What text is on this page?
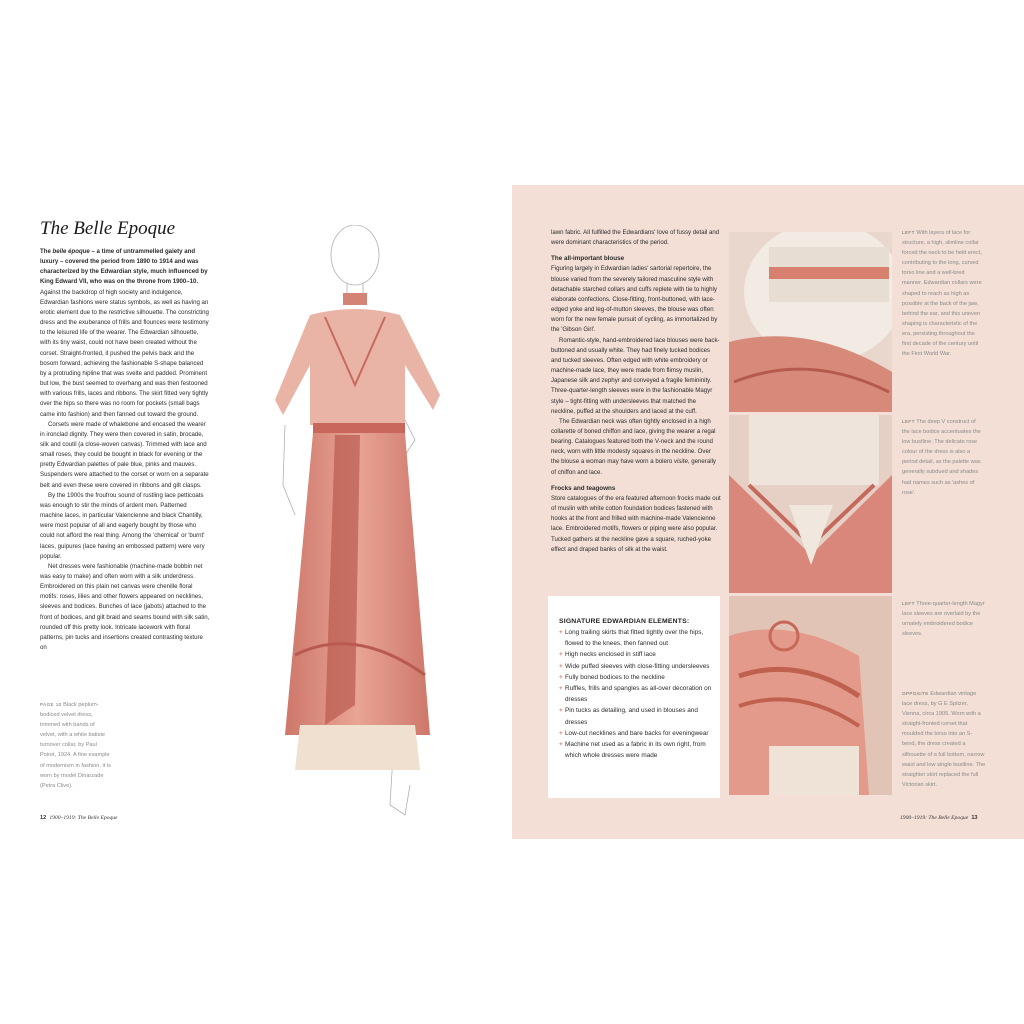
The Belle Epoque

The belle époque – a time of untrammelled gaiety and luxury – covered the period from 1890 to 1914 and was characterized by the Edwardian style, much influenced by King Edward VII, who was on the throne from 1900–10. Against the backdrop of high society and indulgence, Edwardian fashions were status symbols, as well as having an erotic element due to the restrictive silhouette. The constricting dress and the exuberance of frills and flounces were testimony to the leisured life of the wearer. The Edwardian silhouette, with its tiny waist, could not have been created without the corset. Straight-fronted, it pushed the pelvis back and the bosom forward, achieving the fashionable S-shape balanced by a protruding hipline that was svelte and padded. Prominent but low, the bust seemed to overhang and was then festooned with various frills, laces and ribbons. The skirt fitted very tightly over the hips so there was no room for pockets (small bags came into fashion) and then fanned out toward the ground.

Corsets were made of whalebone and encased the wearer in ironclad dignity. They were then covered in satin, brocade, silk and coutil (a close-woven canvas). Trimmed with lace and small roses, they could be bought in black for evening or the pretty Edwardian palettes of pale blue, pinks and mauves. Suspenders were attached to the corset or worn on a separate belt and even these were covered in ribbons and gilt clasps.

By the 1900s the froufrou sound of rustling lace petticoats was enough to stir the minds of ardent men. Patterned machine laces, in particular Valencienne and black Chantilly, were most popular of all and eagerly bought by those who could not afford the real thing. Among the 'chemical' or 'burnt' laces, guipures (lace having an embossed pattern) were very popular.

Net dresses were fashionable (machine-made bobbin net was easy to make) and often worn with a silk underdress. Embroidered on this plain net canvas were chenille floral motifs: roses, lilies and other flowers appeared on necklines, sleeves and bodices. Bunches of lace (jabots) attached to the front of bodices, and gilt braid and seams bound with silk satin, rounded off this pretty look. Intricate lacework with floral patterns, pin tucks and insertions created contrasting texture on

PAGE 10 Black peplum-bodiced velvet dress, trimmed with bands of velvet, with a white batiste turnover collar, by Paul Poiret, 1924. A fine example of modernism in fashion, it is worn by model Dinarzade (Petra Clive).

12 1900–1919: The Belle Epoque

lawn fabric. All fulfilled the Edwardians' love of fussy detail and were dominant characteristics of the period.

The all-important blouse

Figuring largely in Edwardian ladies' sartorial repertoire, the blouse varied from the severely tailored masculine style with detachable starched collars and cuffs replete with tie to highly elaborate confections. Close-fitting, front-buttoned, with lace-edged yoke and leg-of-mutton sleeves, the blouse was often worn for the new female pursuit of cycling, as immortalized by the 'Gibson Girl'.

Romantic-style, hand-embroidered lace blouses were back-buttoned and usually white. They had finely tucked bodices and tucked sleeves. Often edged with white embroidery or machine-made lace, they were made from flimsy muslin, Japanese silk and zephyr and conveyed a fragile femininity. Three-quarter-length sleeves were in the fashionable Magyr style – tight-fitting with undersleeves that matched the neckline, puffed at the shoulders and laced at the cuff.

The Edwardian neck was often tightly enclosed in a high collarette of boned chiffon and lace, giving the wearer a regal bearing. Catalogues featured both the V-neck and the round neck, worn with little modesty squares in the neckline. Over the blouse a woman may have worn a bolero visite, generally of chiffon and lace.

Frocks and teagowns

Store catalogues of the era featured afternoon frocks made out of muslin with white cotton foundation bodices fastened with hooks at the front and frilled with machine-made Valencienne lace. Embroidered motifs, flowers or piping were also popular. Tucked gathers at the neckline gave a square, ruched-yoke effect and draped banks of silk at the waist.

SIGNATURE EDWARDIAN ELEMENTS:

+ Long trailing skirts that fitted tightly over the hips, flowed to the knees, then fanned out
+ High necks enclosed in stiff lace
+ Wide puffed sleeves with close-fitting undersleeves
+ Fully boned bodices to the neckline
+ Ruffles, frills and spangles as all-over decoration on dresses
+ Pin tucks as detailing, and used in blouses and dresses
+ Low-cut necklines and bare backs for eveningwear
+ Machine net used as a fabric in its own right, from which whole dresses were made

LEFT With layers of lace for structure, a high, slimline collar forced the neck to be held erect, contributing to the long, curved torso line and a well-bred manner. Edwardian collars were shaped to reach as high as possible at the back of the jaw, behind the ear, and this uneven shaping is characteristic of the era, persisting throughout the first decade of the century until the First World War.

LEFT The deep V construct of the lace bodice accentuates the low bustline. The delicate rose colour of the dress is also a period detail, as the palette was generally subdued and shades had names such as 'ashes of rose'.

LEFT Three-quarter-length Magyr lace sleeves are overlaid by the ornately embroidered bodice sleeves.

OPPOSITE Edwardian vintage lace dress, by G E Spitzer, Vienna, circa 1905. Worn with a straight-fronted corset that moulded the torso into an S-bend, the dress created a silhouette of a full bottom, narrow waist and low single bustline. The straighter skirt replaced the full Victorian skirt.

1900–1919: The Belle Epoque 13
